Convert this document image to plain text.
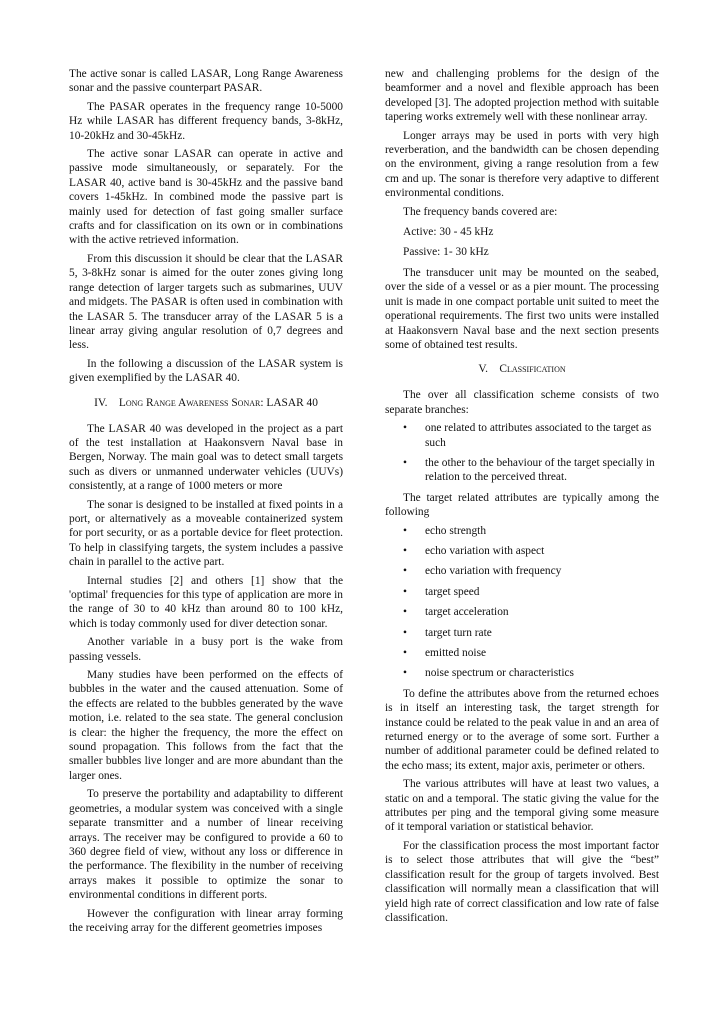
The active sonar is called LASAR, Long Range Awareness sonar and the passive counterpart PASAR.

The PASAR operates in the frequency range 10-5000 Hz while LASAR has different frequency bands, 3-8kHz, 10-20kHz and 30-45kHz.

The active sonar LASAR can operate in active and passive mode simultaneously, or separately. For the LASAR 40, active band is 30-45kHz and the passive band covers 1-45kHz. In combined mode the passive part is mainly used for detection of fast going smaller surface crafts and for classification on its own or in combinations with the active retrieved information.

From this discussion it should be clear that the LASAR 5, 3-8kHz sonar is aimed for the outer zones giving long range detection of larger targets such as submarines, UUV and midgets. The PASAR is often used in combination with the LASAR 5. The transducer array of the LASAR 5 is a linear array giving angular resolution of 0,7 degrees and less.

In the following a discussion of the LASAR system is given exemplified by the LASAR 40.

IV. Long Range Awareness Sonar: LASAR 40

The LASAR 40 was developed in the project as a part of the test installation at Haakonsvern Naval base in Bergen, Norway. The main goal was to detect small targets such as divers or unmanned underwater vehicles (UUVs) consistently, at a range of 1000 meters or more

The sonar is designed to be installed at fixed points in a port, or alternatively as a moveable containerized system for port security, or as a portable device for fleet protection. To help in classifying targets, the system includes a passive chain in parallel to the active part.

Internal studies [2] and others [1] show that the 'optimal' frequencies for this type of application are more in the range of 30 to 40 kHz than around 80 to 100 kHz, which is today commonly used for diver detection sonar.

Another variable in a busy port is the wake from passing vessels.

Many studies have been performed on the effects of bubbles in the water and the caused attenuation. Some of the effects are related to the bubbles generated by the wave motion, i.e. related to the sea state. The general conclusion is clear: the higher the frequency, the more the effect on sound propagation. This follows from the fact that the smaller bubbles live longer and are more abundant than the larger ones.

To preserve the portability and adaptability to different geometries, a modular system was conceived with a single separate transmitter and a number of linear receiving arrays. The receiver may be configured to provide a 60 to 360 degree field of view, without any loss or difference in the performance. The flexibility in the number of receiving arrays makes it possible to optimize the sonar to environmental conditions in different ports.

However the configuration with linear array forming the receiving array for the different geometries imposes

new and challenging problems for the design of the beamformer and a novel and flexible approach has been developed [3]. The adopted projection method with suitable tapering works extremely well with these nonlinear array.

Longer arrays may be used in ports with very high reverberation, and the bandwidth can be chosen depending on the environment, giving a range resolution from a few cm and up. The sonar is therefore very adaptive to different environmental conditions.

The frequency bands covered are:

Active: 30 - 45 kHz

Passive: 1- 30 kHz

The transducer unit may be mounted on the seabed, over the side of a vessel or as a pier mount. The processing unit is made in one compact portable unit suited to meet the operational requirements. The first two units were installed at Haakonsvern Naval base and the next section presents some of obtained test results.

V. Classification

The over all classification scheme consists of two separate branches:

• one related to attributes associated to the target as such
• the other to the behaviour of the target specially in relation to the perceived threat.

The target related attributes are typically among the following

• echo strength
• echo variation with aspect
• echo variation with frequency
• target speed
• target acceleration
• target turn rate
• emitted noise
• noise spectrum or characteristics

To define the attributes above from the returned echoes is in itself an interesting task, the target strength for instance could be related to the peak value in and an area of returned energy or to the average of some sort. Further a number of additional parameter could be defined related to the echo mass; its extent, major axis, perimeter or others.

The various attributes will have at least two values, a static on and a temporal. The static giving the value for the attributes per ping and the temporal giving some measure of it temporal variation or statistical behavior.

For the classification process the most important factor is to select those attributes that will give the “best” classification result for the group of targets involved. Best classification will normally mean a classification that will yield high rate of correct classification and low rate of false classification.
